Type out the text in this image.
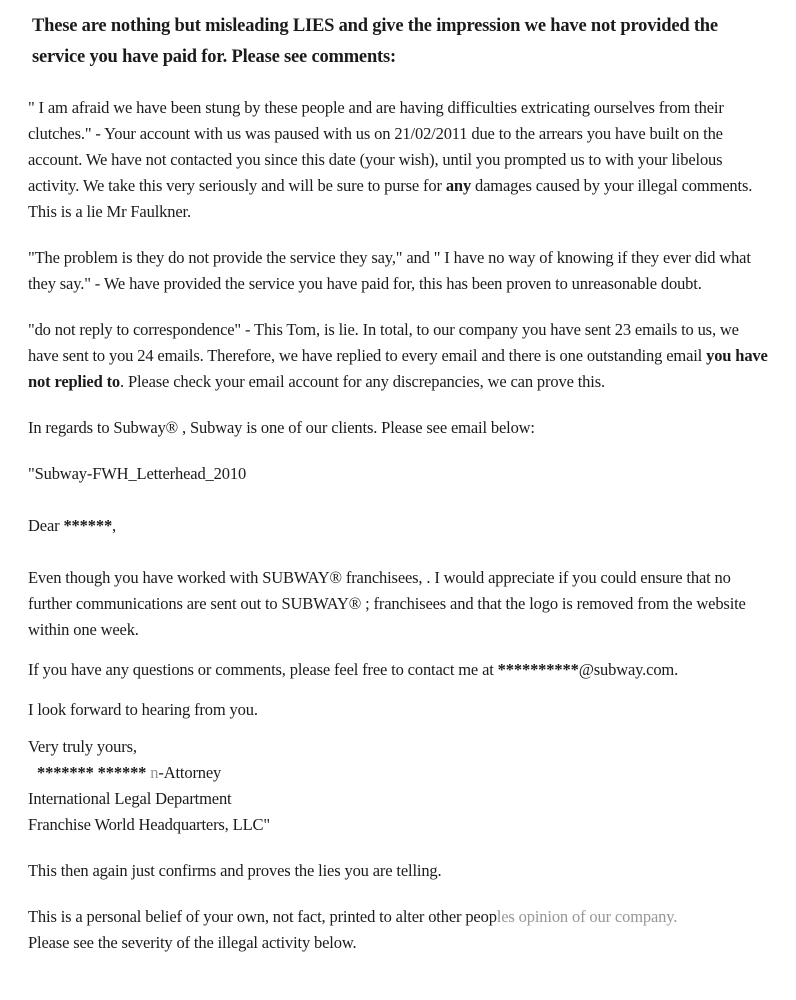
These are nothing but misleading LIES and give the impression we have not provided the service you have paid for. Please see comments:

" I am afraid we have been stung by these people and are having difficulties extricating ourselves from their clutches." - Your account with us was paused with us on 21/02/2011 due to the arrears you have built on the account. We have not contacted you since this date (your wish), until you prompted us to with your libelous activity. We take this very seriously and will be sure to purse for any damages caused by your illegal comments. This is a lie Mr Faulkner.

"The problem is they do not provide the service they say," and " I have no way of knowing if they ever did what they say." - We have provided the service you have paid for, this has been proven to unreasonable doubt.

"do not reply to correspondence" - This Tom, is lie. In total, to our company you have sent 23 emails to us, we have sent to you 24 emails. Therefore, we have replied to every email and there is one outstanding email you have not replied to. Please check your email account for any discrepancies, we can prove this.

In regards to Subway® , Subway is one of our clients. Please see email below:

"Subway-FWH_Letterhead_2010

Dear ******,

Even though you have worked with SUBWAY® franchisees, . I would appreciate if you could ensure that no further communications are sent out to SUBWAY® ; franchisees and that the logo is removed from the website within one week.

If you have any questions or comments, please feel free to contact me at **********@subway.com.

I look forward to hearing from you.

Very truly yours,

******* ****** n-Attorney

International Legal Department

Franchise World Headquarters, LLC"

This then again just confirms and proves the lies you are telling.

This is a personal belief of your own, not fact, printed to alter other peoples opinion of our company.
Please see the severity of the illegal activity below.
